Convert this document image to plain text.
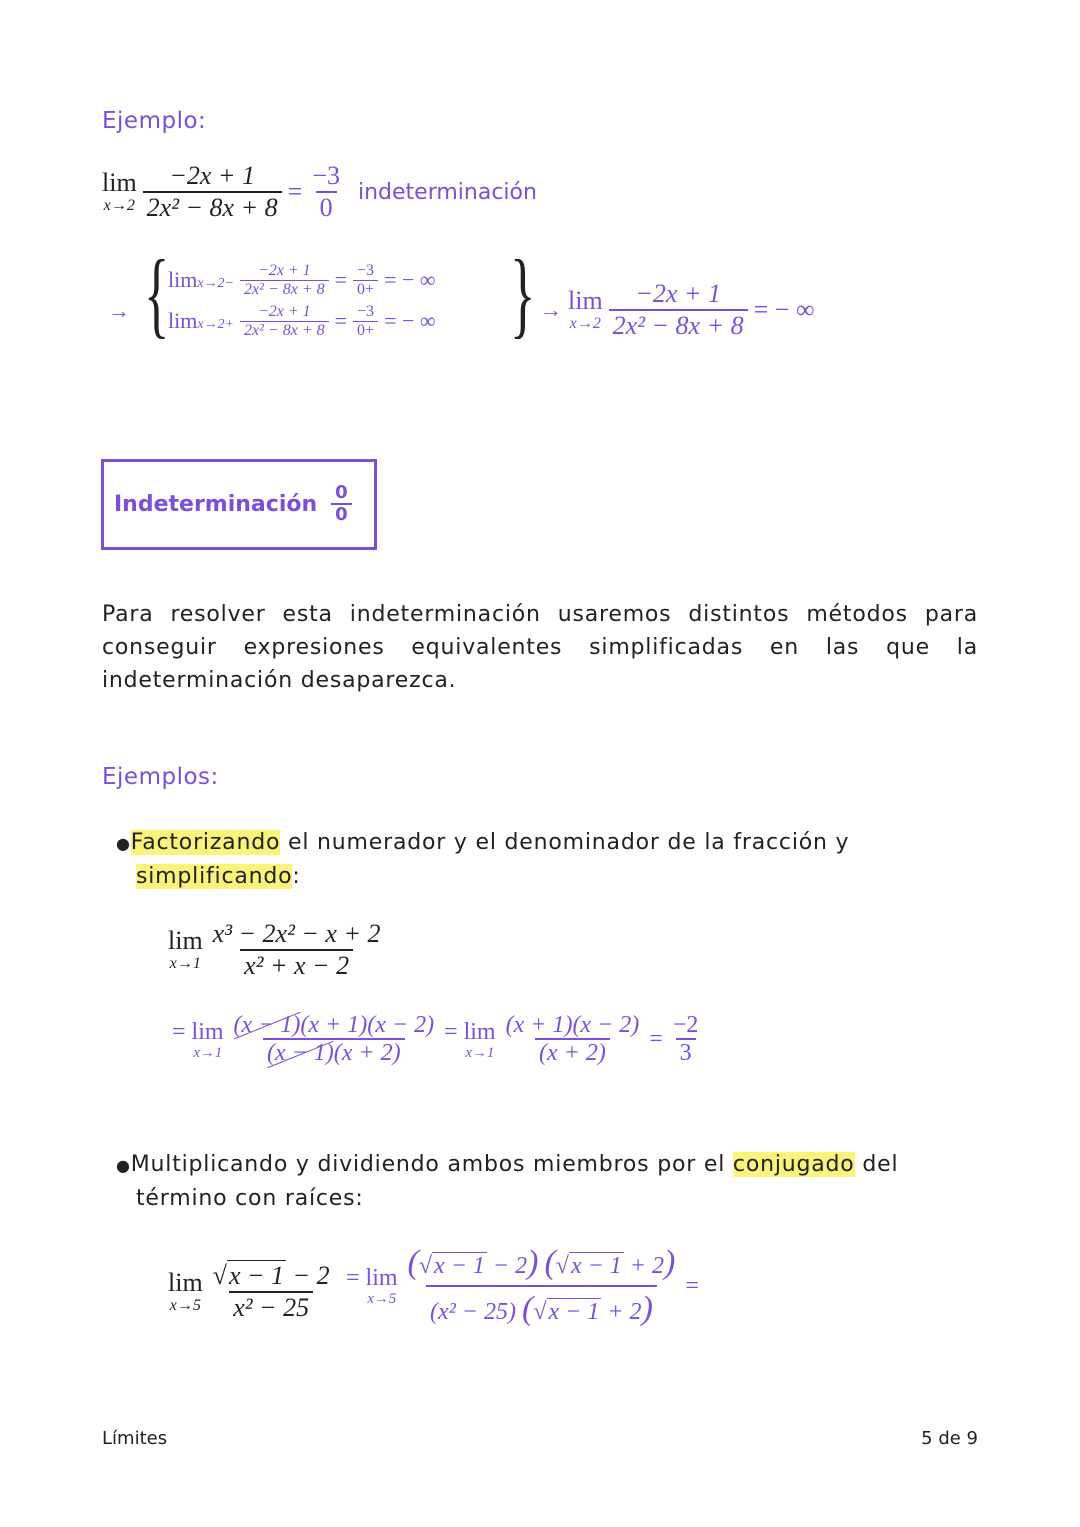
Ejemplo:
lim
$x\to 2 \frac{-2x + 1}{\text{2x² − 8x + 8}} = \frac{-3}{0}$ indeterminación
→ {
$\lim x\to 2- \frac{-2x + 1}{\text{2x² − 8x + 8}} = \frac{-3}{0+}$ = − ∞
$\lim x\to 2+ \frac{-2x + 1}{\text{2x² − 8x + 8}} = \frac{-3}{0+}$ = − ∞ } → lim
$x\to 2 \frac{-2x + 1}{\text{2x² − 8x + 8}}$ = − ∞
Indeterminación $\frac{0}{0}$
Para resolver esta indeterminación usaremos distintos métodos para conseguir expresiones equivalentes simplificadas en las que la indeterminación desaparezca.
Ejemplos:
●Factorizando el numerador y el denominador de la fracción y
simplificando:
lim
$x\to 1 \frac{\text{x³ − 2x² − x + 2}}{\text{x² + x − 2}}$
= lim
$x\to 1 \frac{(x - 1)(x + 1)(x - 2)}{(x - 1)(x + 2)} = \lim$
$x\to 1 \frac{(x + 1)(x - 2)}{(x + 2)} = \frac{-2}{3}$
●Multiplicando y dividiendo ambos miembros por el conjugado del
término con raíces:
lim
$x\to 5 \frac{√x - 1 - 2}{\text{x² − 25}} = \lim$
$x\to 5 \frac{(√x - 1 - 2) (√x - 1 + 2)}{\text{(x² − 25) (√x − 1 + 2)}}$ =
Límites	5 de 9
